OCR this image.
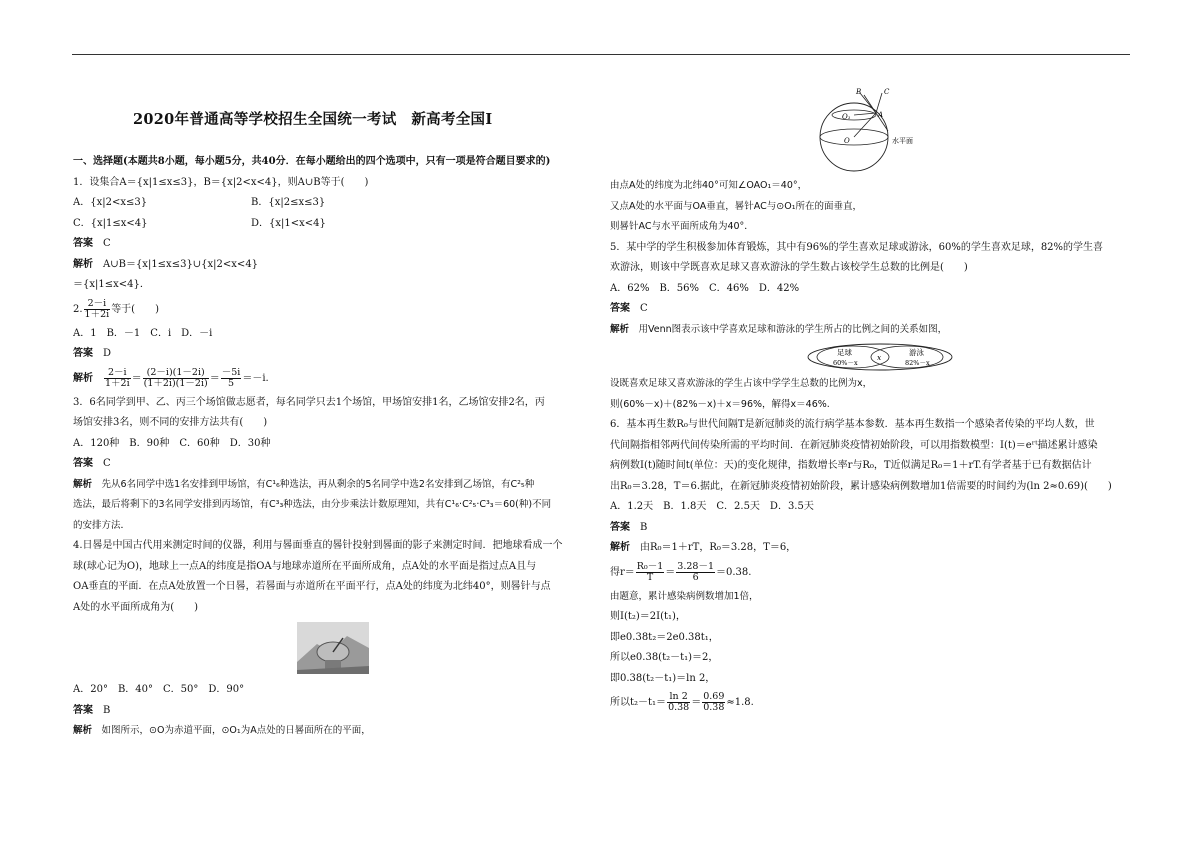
2020年普通高等学校招生全国统一考试　新高考全国Ⅰ
一、选择题(本题共8小题，每小题5分，共40分．在每小题给出的四个选项中，只有一项是符合题目要求的)
1．设集合A＝{x|1≤x≤3}，B＝{x|2<x<4}，则A∪B等于(　　)
A．{x|2<x≤3}	B．{x|2≤x≤3}
C．{x|1≤x<4}	D．{x|1<x<4}
答案　 C
解析　 A∪B＝{x|1≤x≤3}∪{x|2<x<4}
＝{x|1≤x<4}．
2. $\frac{2-i}{1+2i}$ 等于(　　)
A．1　B．－1　C．i　D．－i
答案　 D
解析　 $\frac{2-i}{1+2i} = \frac{(2-i)(1-2i)}{(1+2i)(1-2i)} = \frac{-5i}{5} =-i$.
3．6名同学到甲、乙、丙三个场馆做志愿者，每名同学只去1个场馆，甲场馆安排1名，乙场馆安排2名，丙
场馆安排3名，则不同的安排方法共有(　　)
A．120种　B．90种　C．60种　D．30种
答案　 C
解析　 先从6名同学中选1名安排到甲场馆，有C¹₆种选法，再从剩余的5名同学中选2名安排到乙场馆，有C²₅种
选法，最后将剩下的3名同学安排到丙场馆，有C³₃种选法，由分步乘法计数原理知，共有C¹₆·C²₅·C³₃＝60(种)不同
的安排方法．
4.日晷是中国古代用来测定时间的仪器，利用与晷面垂直的晷针投射到晷面的影子来测定时间．把地球看成一个
球(球心记为O)，地球上一点A的纬度是指OA与地球赤道所在平面所成角，点A处的水平面是指过点A且与
OA垂直的平面．在点A处放置一个日晷，若晷面与赤道所在平面平行，点A处的纬度为北纬40°，则晷针与点
A处的水平面所成角为(　　)
A．20°　B．40°　C．50°　D．90°
答案　 B
解析　 如图所示，⊙O为赤道平面，⊙O₁为A点处的日晷面所在的平面，
B	C
A
O₁
O	水平面
由点A处的纬度为北纬40°可知∠OAO₁＝40°，
又点A处的水平面与OA垂直，晷针AC与⊙O₁所在的面垂直，
则晷针AC与水平面所成角为40°．
5．某中学的学生积极参加体育锻炼，其中有96%的学生喜欢足球或游泳，60%的学生喜欢足球，82%的学生喜
欢游泳，则该中学既喜欢足球又喜欢游泳的学生数占该校学生总数的比例是(　　)
A．62%　B．56%　C．46%　D．42%
答案　 C
解析　 用Venn图表示该中学喜欢足球和游泳的学生所占的比例之间的关系如图，
足球
60%－x
x
游泳
82%－x
设既喜欢足球又喜欢游泳的学生占该中学学生总数的比例为x，
则(60%－x)＋(82%－x)＋x＝96%，解得x＝46%.
6．基本再生数R₀与世代间隔T是新冠肺炎的流行病学基本参数．基本再生数指一个感染者传染的平均人数，世
代间隔指相邻两代间传染所需的平均时间．在新冠肺炎疫情初始阶段，可以用指数模型：I(t)＝eʳᵗ描述累计感染
病例数I(t)随时间t(单位：天)的变化规律，指数增长率r与R₀，T近似满足R₀＝1＋rT.有学者基于已有数据估计
出R₀＝3.28，T＝6.据此，在新冠肺炎疫情初始阶段，累计感染病例数增加1倍需要的时间约为(ln 2≈0.69)(　　)
A．1.2天　B．1.8天　C．2.5天　D．3.5天
答案　 B
解析　 由R₀＝1＋rT，R₀＝3.28，T＝6，
得$r= \frac{\text{R₀－1}}{T} = \frac{3.28-1}{6} =0.38$.
由题意，累计感染病例数增加1倍，
则I(t₂)＝2I(t₁)，
即e0.38t₂＝2e0.38t₁，
所以e0.38(t₂－t₁)＝2，
即0.38(t₂－t₁)＝ln 2，
所以$t_2-t_1= \frac{\ln 2}{0.38} = \frac{0.69}{0.38} \approx 1.8$.
